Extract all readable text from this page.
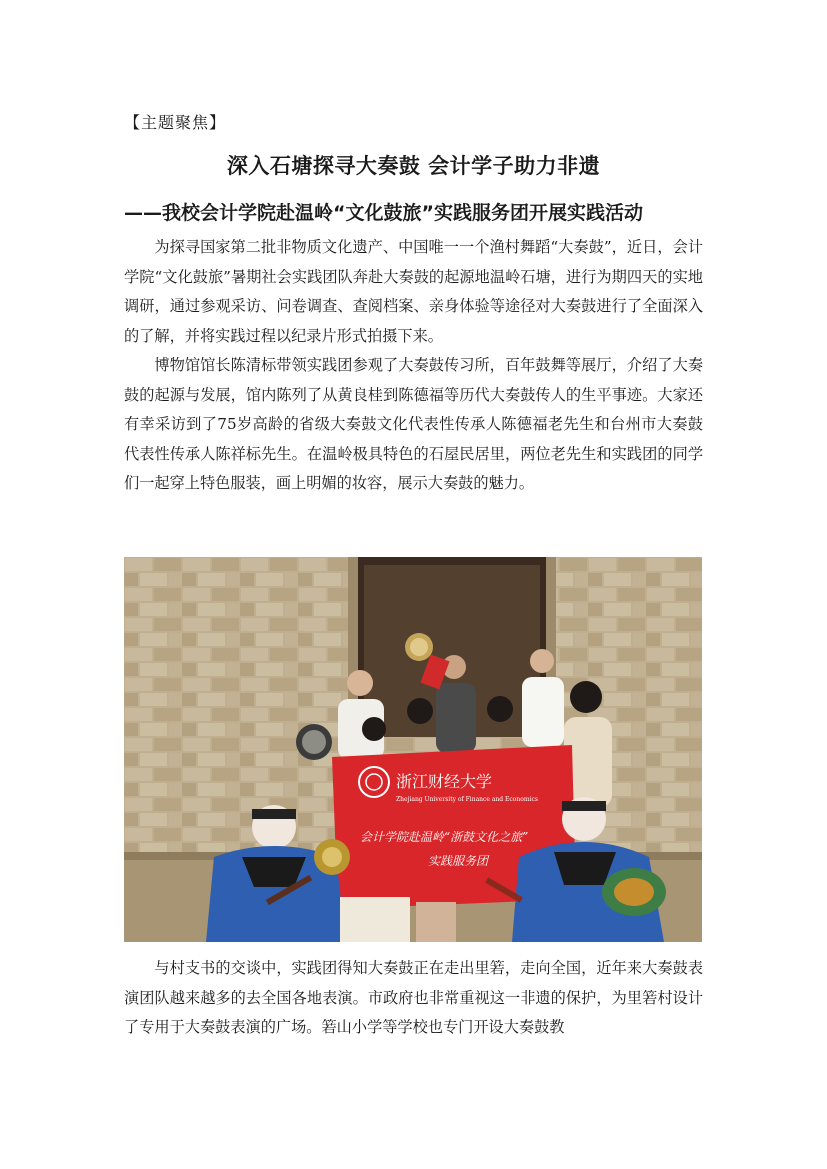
【主题聚焦】
深入石塘探寻大奏鼓 会计学子助力非遗
——我校会计学院赴温岭“文化鼓旅”实践服务团开展实践活动

为探寻国家第二批非物质文化遗产、中国唯一一个渔村舞蹈“大奏鼓”，近日，会计学院“文化鼓旅”暑期社会实践团队奔赴大奏鼓的起源地温岭石塘，进行为期四天的实地调研，通过参观采访、问卷调查、查阅档案、亲身体验等途径对大奏鼓进行了全面深入的了解，并将实践过程以纪录片形式拍摄下来。

博物馆馆长陈清标带领实践团参观了大奏鼓传习所，百年鼓舞等展厅，介绍了大奏鼓的起源与发展，馆内陈列了从黄良桂到陈德福等历代大奏鼓传人的生平事迹。大家还有幸采访到了75岁高龄的省级大奏鼓文化代表性传承人陈德福老先生和台州市大奏鼓代表性传承人陈祥标先生。在温岭极具特色的石屋民居里，两位老先生和实践团的同学们一起穿上特色服装，画上明媚的妆容，展示大奏鼓的魅力。

浙江财经大学
Zhejiang University of Finance and Economics
会计学院赴温岭“浙鼓文化之旅”
实践服务团

与村支书的交谈中，实践团得知大奏鼓正在走出里箬，走向全国，近年来大奏鼓表演团队越来越多的去全国各地表演。市政府也非常重视这一非遗的保护，为里箬村设计了专用于大奏鼓表演的广场。箬山小学等学校也专门开设大奏鼓教
